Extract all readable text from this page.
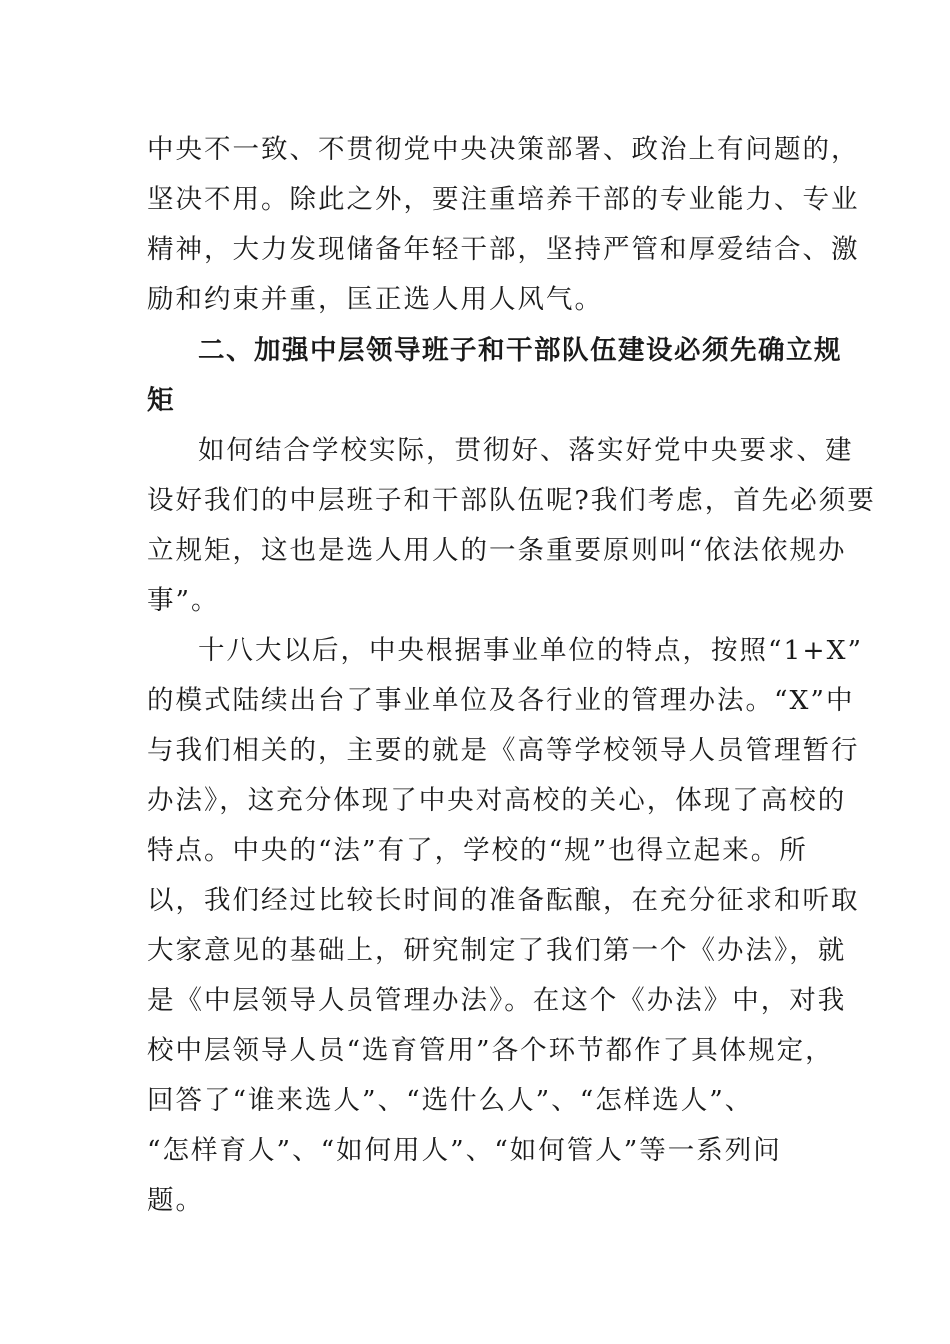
中央不一致、不贯彻党中央决策部署、政治上有问题的，
坚决不用。除此之外，要注重培养干部的专业能力、专业
精神，大力发现储备年轻干部，坚持严管和厚爱结合、激
励和约束并重，匡正选人用人风气。
二、加强中层领导班子和干部队伍建设必须先确立规
矩
如何结合学校实际，贯彻好、落实好党中央要求、建
设好我们的中层班子和干部队伍呢?我们考虑，首先必须要
立规矩，这也是选人用人的一条重要原则叫“依法依规办
事”。
十八大以后，中央根据事业单位的特点，按照“1+X”
的模式陆续出台了事业单位及各行业的管理办法。“X”中
与我们相关的，主要的就是《高等学校领导人员管理暂行
办法》，这充分体现了中央对高校的关心，体现了高校的
特点。中央的“法”有了，学校的“规”也得立起来。所
以，我们经过比较长时间的准备酝酿，在充分征求和听取
大家意见的基础上，研究制定了我们第一个《办法》，就
是《中层领导人员管理办法》。在这个《办法》中，对我
校中层领导人员“选育管用”各个环节都作了具体规定，
回答了“谁来选人”、“选什么人”、“怎样选人”、
“怎样育人”、“如何用人”、“如何管人”等一系列问
题。
